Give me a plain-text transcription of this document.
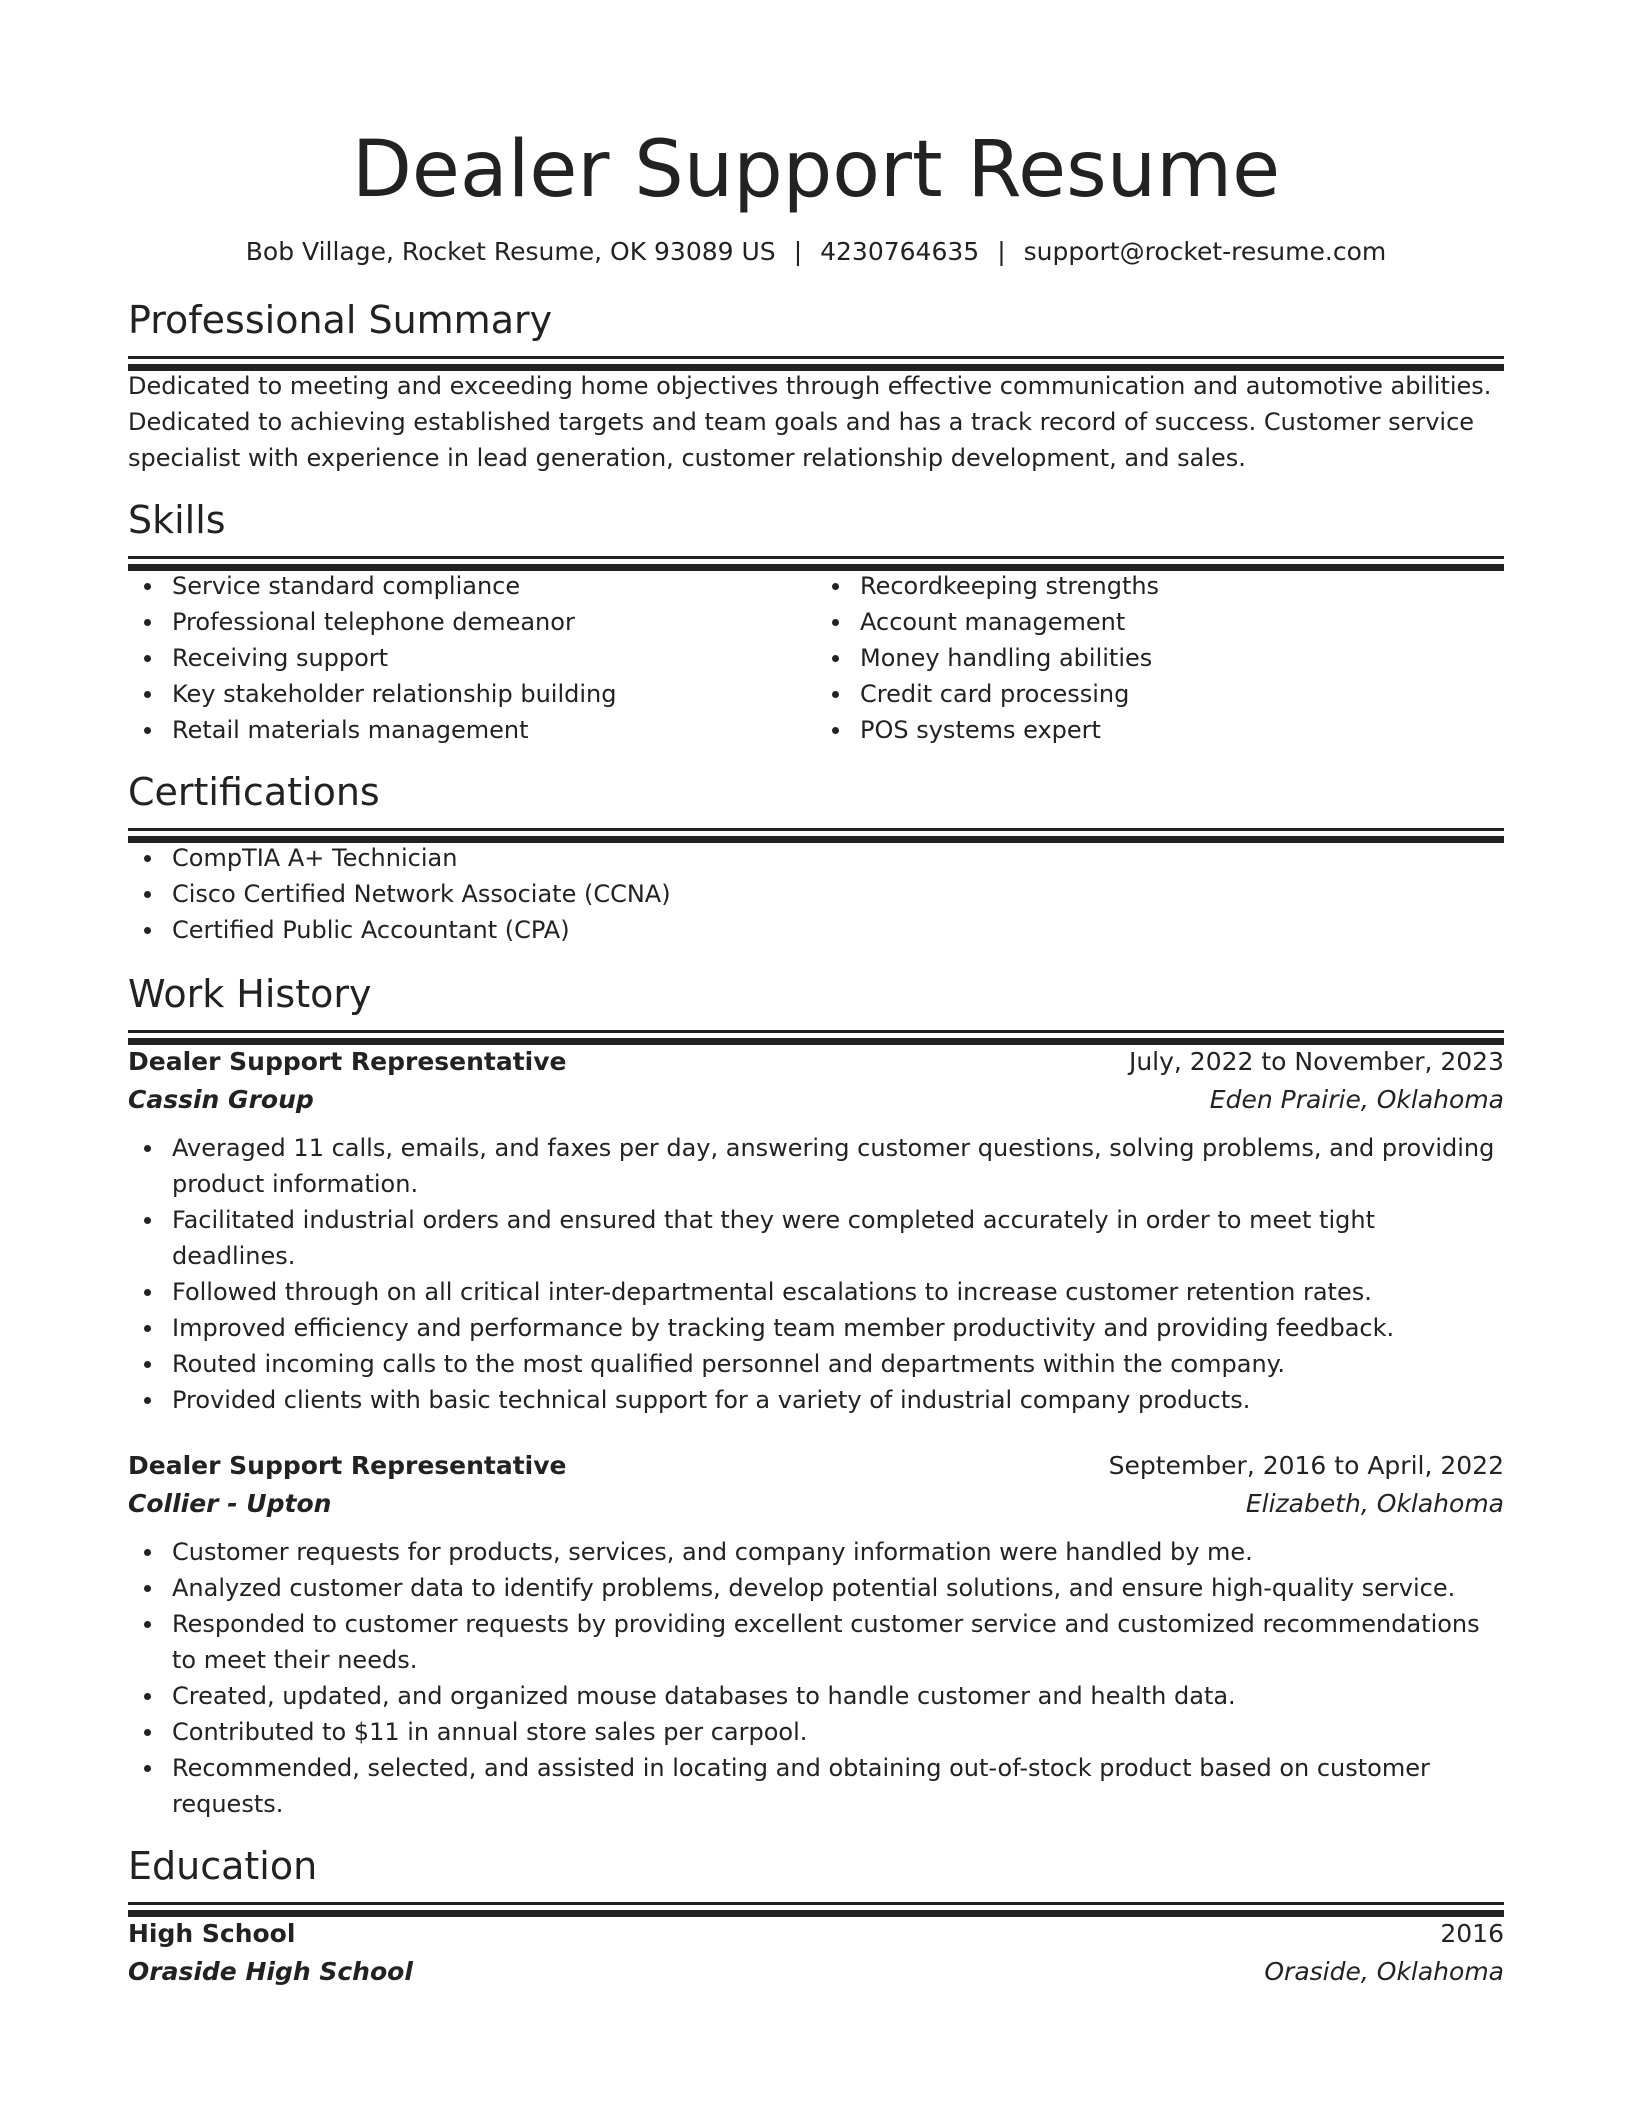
Dealer Support Resume
Bob Village, Rocket Resume, OK 93089 US | 4230764635 | support@rocket-resume.com
Professional Summary

Dedicated to meeting and exceeding home objectives through effective communication and automotive abilities. Dedicated to achieving established targets and team goals and has a track record of success. Customer service specialist with experience in lead generation, customer relationship development, and sales.

Skills
Service standard compliance
Professional telephone demeanor
Receiving support
Key stakeholder relationship building
Retail materials management
Recordkeeping strengths
Account management
Money handling abilities
Credit card processing
POS systems expert
Certifications
CompTIA A+ Technician
Cisco Certified Network Associate (CCNA)
Certified Public Accountant (CPA)
Work History
Dealer Support Representative	July, 2022 to November, 2023
Cassin Group	Eden Prairie, Oklahoma
Averaged 11 calls, emails, and faxes per day, answering customer questions, solving problems, and providing product information.
Facilitated industrial orders and ensured that they were completed accurately in order to meet tight deadlines.
Followed through on all critical inter-departmental escalations to increase customer retention rates.
Improved efficiency and performance by tracking team member productivity and providing feedback.
Routed incoming calls to the most qualified personnel and departments within the company.
Provided clients with basic technical support for a variety of industrial company products.
Dealer Support Representative	September, 2016 to April, 2022
Collier - Upton	Elizabeth, Oklahoma
Customer requests for products, services, and company information were handled by me.
Analyzed customer data to identify problems, develop potential solutions, and ensure high-quality service.
Responded to customer requests by providing excellent customer service and customized recommendations to meet their needs.
Created, updated, and organized mouse databases to handle customer and health data.
Contributed to $11 in annual store sales per carpool.
Recommended, selected, and assisted in locating and obtaining out-of-stock product based on customer requests.
Education
High School	2016
Oraside High School	Oraside, Oklahoma
